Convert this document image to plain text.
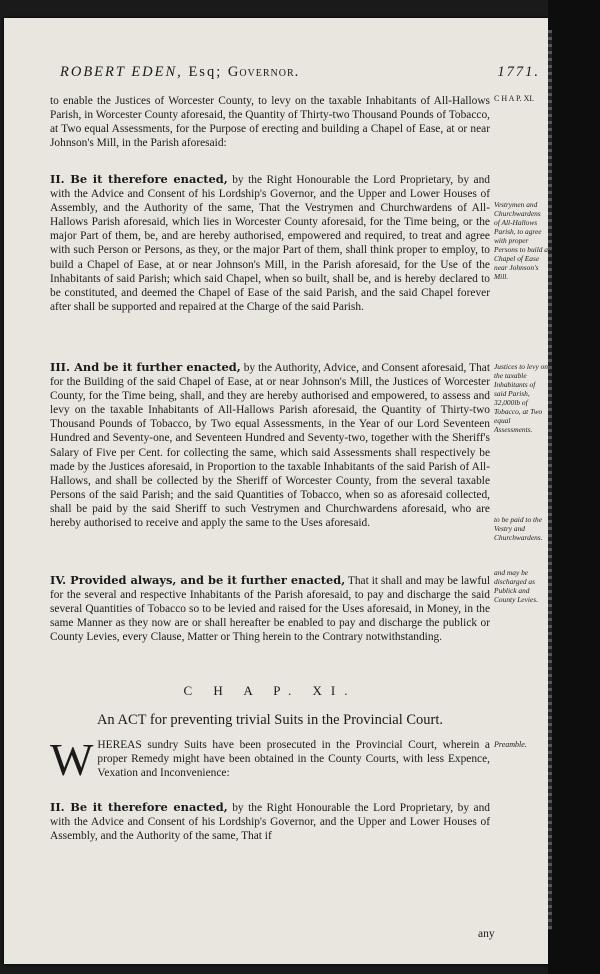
ROBERT EDEN, Esq; Governor.	1771.
C H A P. XI.

to enable the Justices of Worcester County, to levy on the taxable Inhabitants of All-Hallows Parish, in Worcester County aforesaid, the Quantity of Thirty-two Thousand Pounds of Tobacco, at Two equal Assessments, for the Purpose of erecting and building a Chapel of Ease, at or near Johnson's Mill, in the Parish aforesaid:

II. Be it therefore enacted, by the Right Honourable the Lord Proprietary, by and with the Advice and Consent of his Lordship's Governor, and the Upper and Lower Houses of Assembly, and the Authority of the same, That the Vestrymen and Churchwardens of All-Hallows Parish aforesaid, which lies in Worcester County aforesaid, for the Time being, or the major Part of them, be, and are hereby authorised, empowered and required, to treat and agree with such Person or Persons, as they, or the major Part of them, shall think proper to employ, to build a Chapel of Ease, at or near Johnson's Mill, in the Parish aforesaid, for the Use of the Inhabitants of said Parish; which said Chapel, when so built, shall be, and is hereby declared to be constituted, and deemed the Chapel of Ease of the said Parish, and the said Chapel forever after shall be supported and repaired at the Charge of the said Parish.

Vestrymen and Churchwardens of All-Hallows Parish, to agree with proper Persons to build a Chapel of Ease near Johnson's Mill.

III. And be it further enacted, by the Authority, Advice, and Consent aforesaid, That for the Building of the said Chapel of Ease, at or near Johnson's Mill, the Justices of Worcester County, for the Time being, shall, and they are hereby authorised and empowered, to assess and levy on the taxable Inhabitants of All-Hallows Parish aforesaid, the Quantity of Thirty-two Thousand Pounds of Tobacco, by Two equal Assessments, in the Year of our Lord Seventeen Hundred and Seventy-one, and Seventeen Hundred and Seventy-two, together with the Sheriff's Salary of Five per Cent. for collecting the same, which said Assessments shall respectively be made by the Justices aforesaid, in Proportion to the taxable Inhabitants of the said Parish of All-Hallows, and shall be collected by the Sheriff of Worcester County, from the several taxable Persons of the said Parish; and the said Quantities of Tobacco, when so as aforesaid collected, shall be paid by the said Sheriff to such Vestrymen and Churchwardens aforesaid, who are hereby authorised to receive and apply the same to the Uses aforesaid.

Justices to levy on the taxable Inhabitants of said Parish, 32,000lb of Tobacco, at Two equal Assessments.
to be paid to the Vestry and Churchwardens.

IV. Provided always, and be it further enacted, That it shall and may be lawful for the several and respective Inhabitants of the Parish aforesaid, to pay and discharge the said several Quantities of Tobacco so to be levied and raised for the Uses aforesaid, in Money, in the same Manner as they now are or shall hereafter be enabled to pay and discharge the publick or County Levies, every Clause, Matter or Thing herein to the Contrary notwithstanding.

and may be discharged as Publick and County Levies.
C H A P. XI.
An ACT for preventing trivial Suits in the Provincial Court.
Preamble.

WHEREAS sundry Suits have been prosecuted in the Provincial Court, wherein a proper Remedy might have been obtained in the County Courts, with less Expence, Vexation and Inconvenience:

II. Be it therefore enacted, by the Right Honourable the Lord Proprietary, by and with the Advice and Consent of his Lordship's Governor, and the Upper and Lower Houses of Assembly, and the Authority of the same, That if

any
